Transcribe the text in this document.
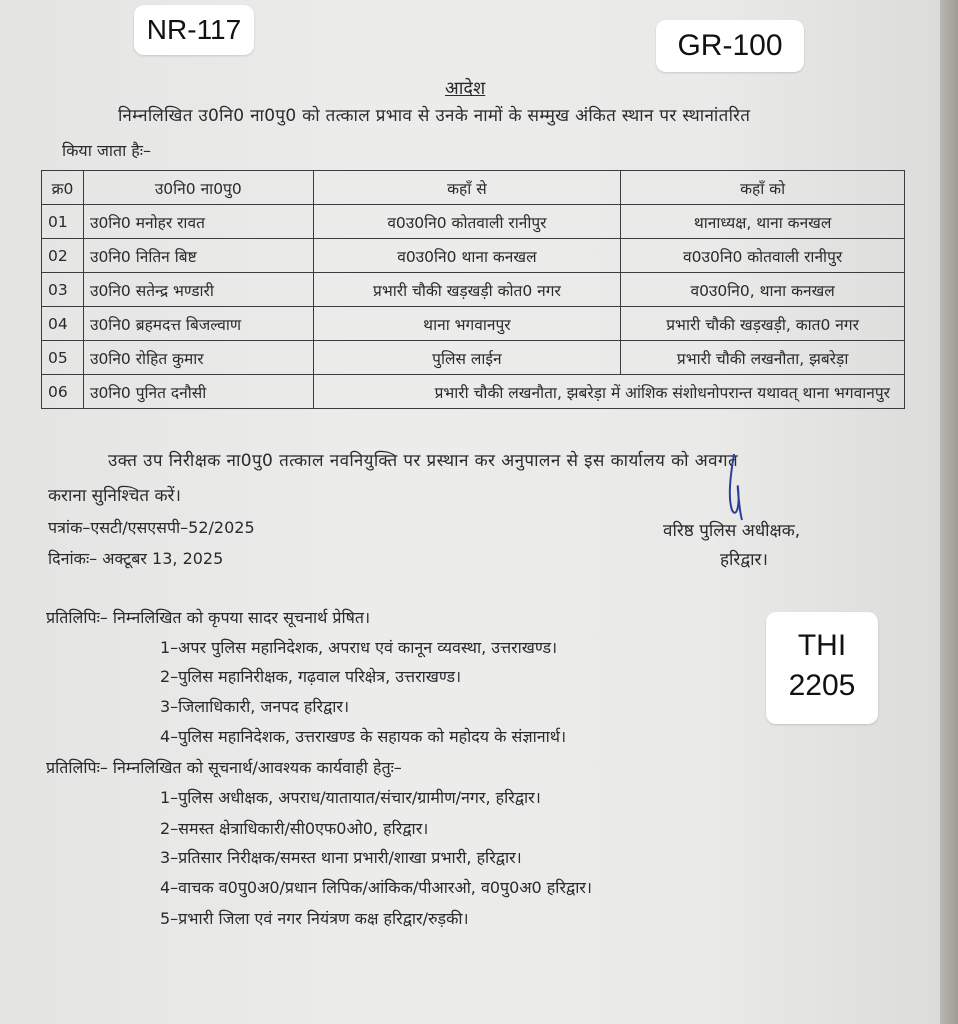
आदेश
निम्नलिखित उ0नि0 ना0पु0 को तत्काल प्रभाव से उनके नामों के सम्मुख अंकित स्थान पर स्थानांतरित
किया जाता हैः–
क्र0	उ0नि0 ना0पु0	कहाँ से	कहाँ को
01	उ0नि0 मनोहर रावत	व0उ0नि0 कोतवाली रानीपुर	थानाध्यक्ष, थाना कनखल
02	उ0नि0 नितिन बिष्ट	व0उ0नि0 थाना कनखल	व0उ0नि0 कोतवाली रानीपुर
03	उ0नि0 सतेन्द्र भण्डारी	प्रभारी चौकी खड़खड़ी कोत0 नगर	व0उ0नि0, थाना कनखल
04	उ0नि0 ब्रहमदत्त बिजल्वाण	थाना भगवानपुर	प्रभारी चौकी खड़खड़ी, कात0 नगर
05	उ0नि0 रोहित कुमार	पुलिस लाईन	प्रभारी चौकी लखनौता, झबरेड़ा
06	उ0नि0 पुनित दनौसी	प्रभारी चौकी लखनौता, झबरेड़ा में आंशिक संशोधनोपरान्त यथावत् थाना भगवानपुर	
उक्त उप निरीक्षक ना0पु0 तत्काल नवनियुक्ति पर प्रस्थान कर अनुपालन से इस कार्यालय को अवगत
कराना सुनिश्चित करें।
पत्रांक–एसटी/एसएसपी–52/2025
दिनांकः– अक्टूबर 13, 2025
वरिष्ठ पुलिस अधीक्षक,
हरिद्वार।
प्रतिलिपिः– निम्नलिखित को कृपया सादर सूचनार्थ प्रेषित।
1–अपर पुलिस महानिदेशक, अपराध एवं कानून व्यवस्था, उत्तराखण्ड।
2–पुलिस महानिरीक्षक, गढ़वाल परिक्षेत्र, उत्तराखण्ड।
3–जिलाधिकारी, जनपद हरिद्वार।
4–पुलिस महानिदेशक, उत्तराखण्ड के सहायक को महोदय के संज्ञानार्थ।
प्रतिलिपिः– निम्नलिखित को सूचनार्थ/आवश्यक कार्यवाही हेतुः–
1–पुलिस अधीक्षक, अपराध/यातायात/संचार/ग्रामीण/नगर, हरिद्वार।
2–समस्त क्षेत्राधिकारी/सी0एफ0ओ0, हरिद्वार।
3–प्रतिसार निरीक्षक/समस्त थाना प्रभारी/शाखा प्रभारी, हरिद्वार।
4–वाचक व0पु0अ0/प्रधान लिपिक/आंकिक/पीआरओ, व0पु0अ0 हरिद्वार।
5–प्रभारी जिला एवं नगर नियंत्रण कक्ष हरिद्वार/रुड़की।
NR-117	GR-100
THI
2205
